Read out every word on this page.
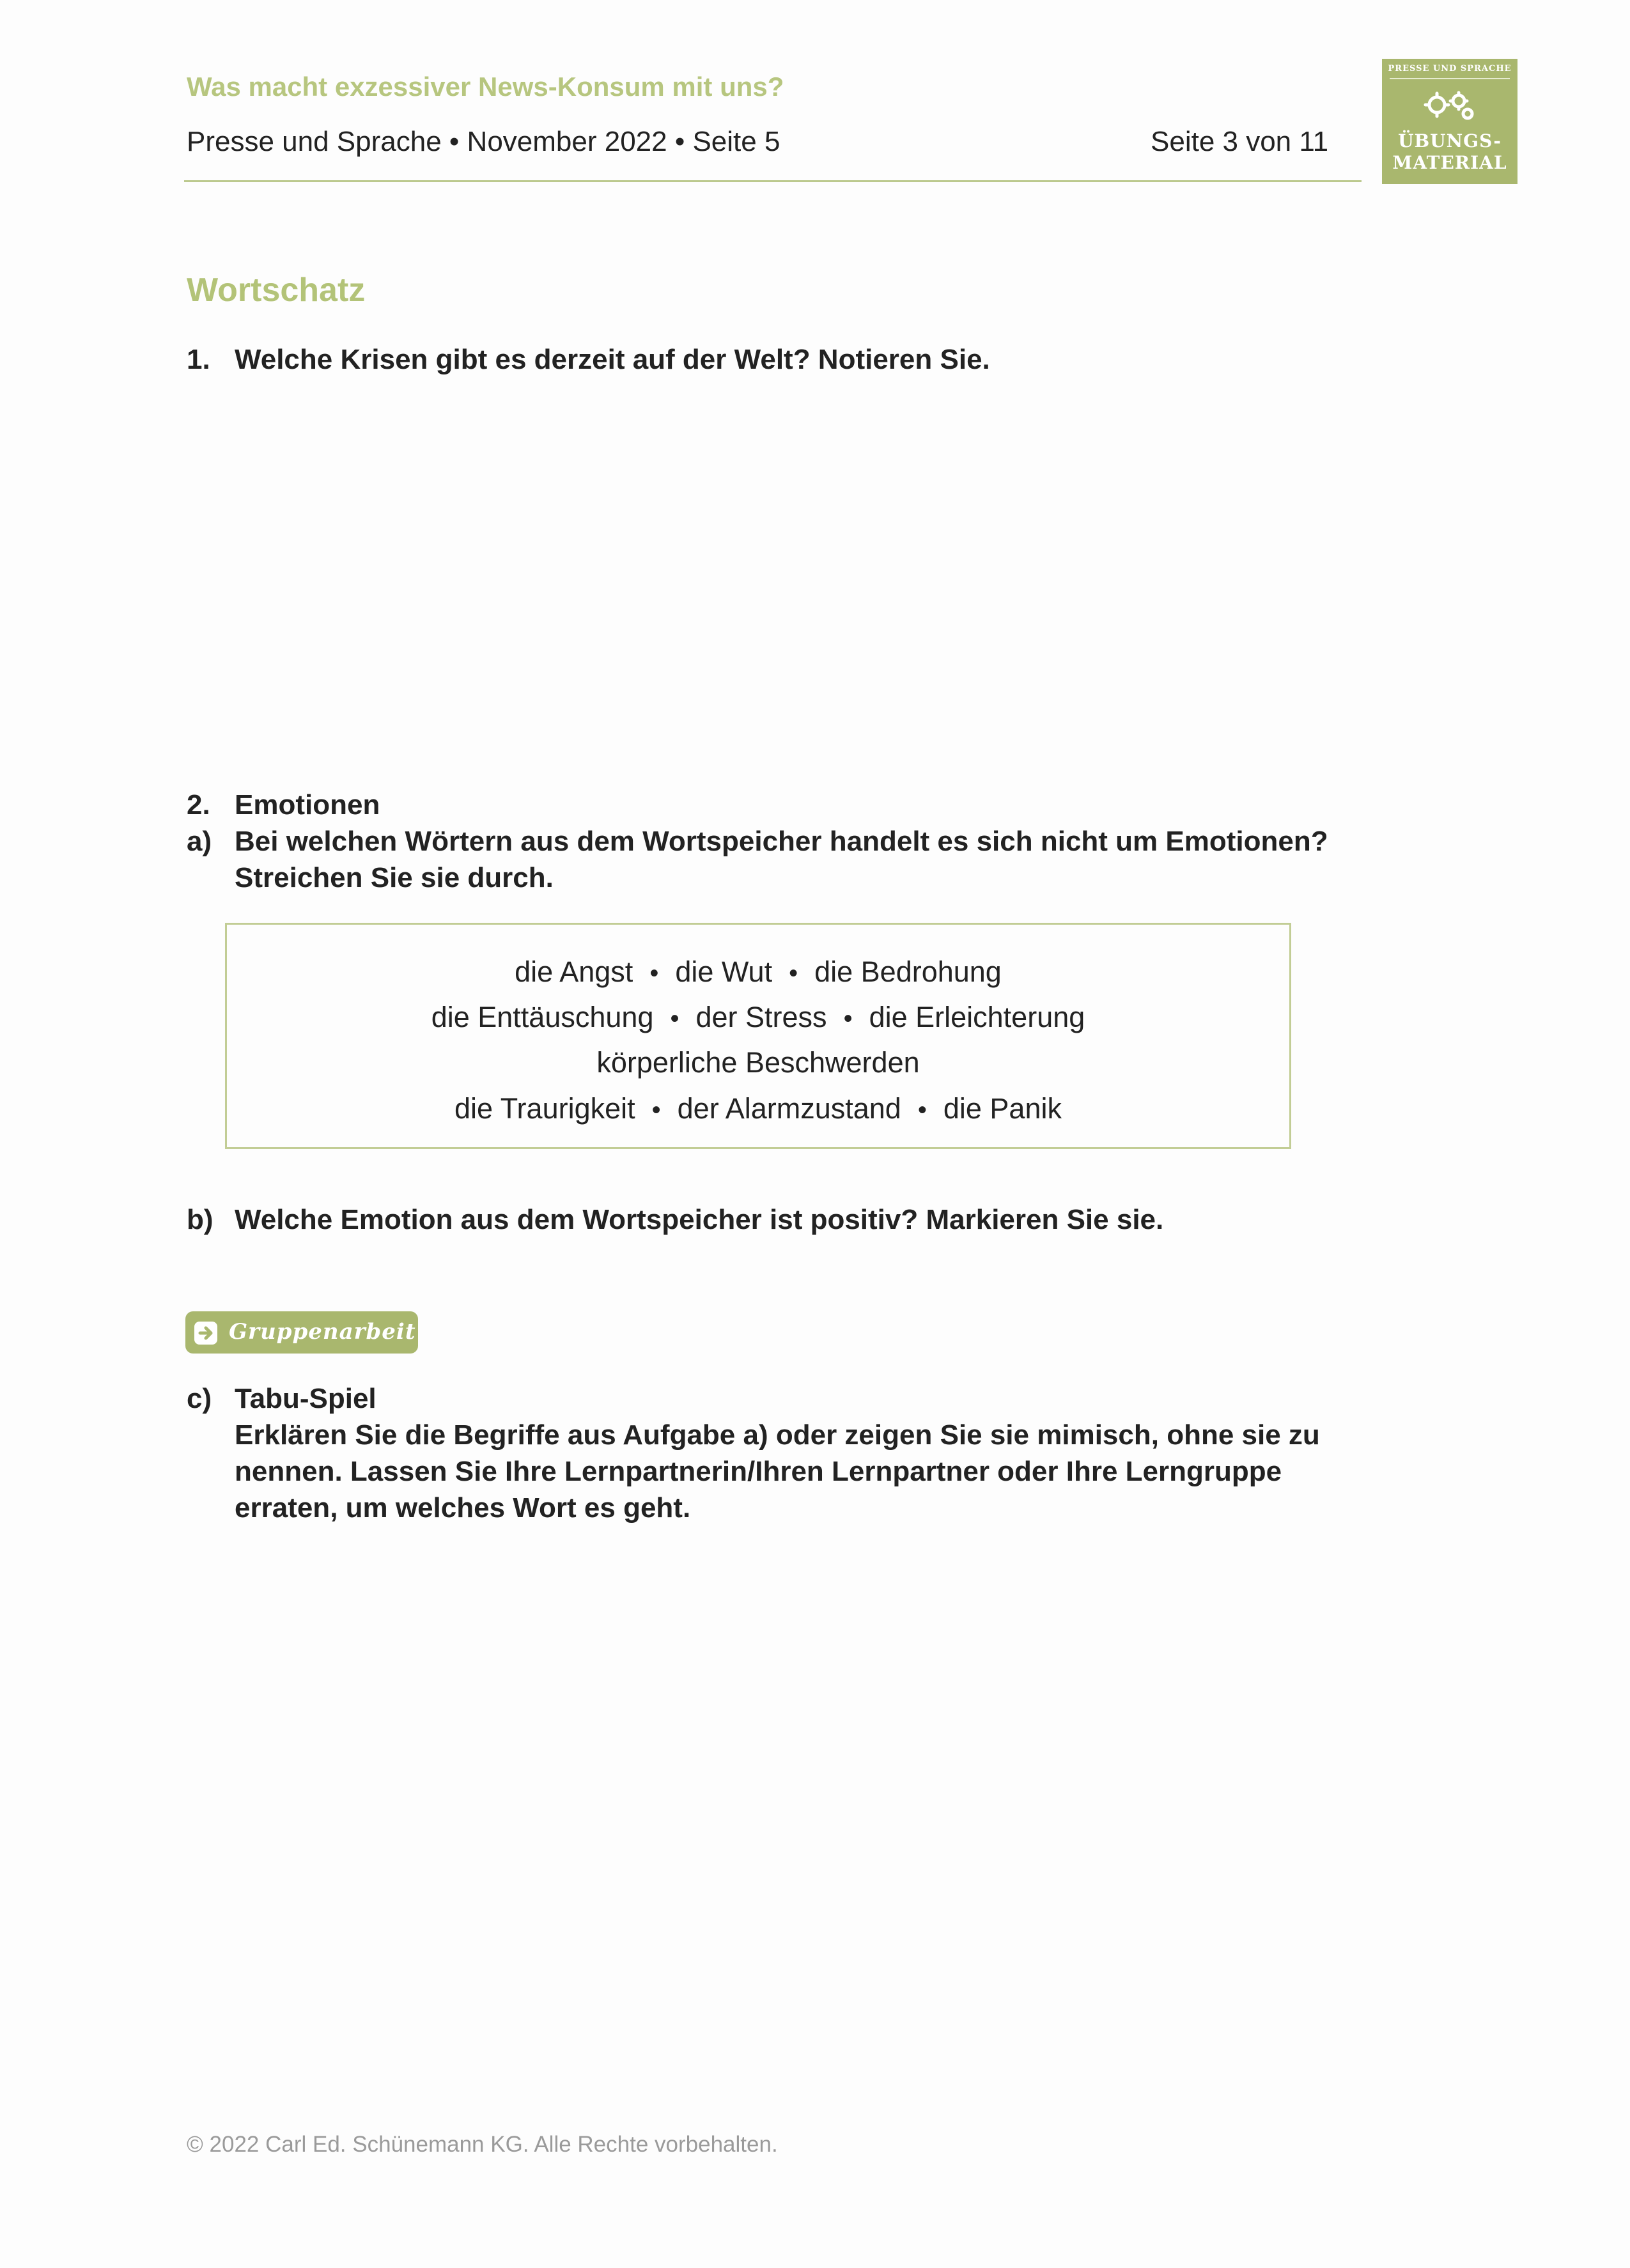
Was macht exzessiver News-Konsum mit uns?
Presse und Sprache • November 2022 • Seite 5	Seite 3 von 11
PRESSE UND SPRACHE
ÜBUNGS-
MATERIAL
Wortschatz
1. Welche Krisen gibt es derzeit auf der Welt? Notieren Sie.
2. Emotionen
a) Bei welchen Wörtern aus dem Wortspeicher handelt es sich nicht um Emotionen?
Streichen Sie sie durch.
die Angst • die Wut • die Bedrohung
die Enttäuschung • der Stress • die Erleichterung
körperliche Beschwerden
die Traurigkeit • der Alarmzustand • die Panik
b) Welche Emotion aus dem Wortspeicher ist positiv? Markieren Sie sie.
Gruppenarbeit
c) Tabu-Spiel
Erklären Sie die Begriffe aus Aufgabe a) oder zeigen Sie sie mimisch, ohne sie zu
nennen. Lassen Sie Ihre Lernpartnerin/Ihren Lernpartner oder Ihre Lerngruppe
erraten, um welches Wort es geht.
© 2022 Carl Ed. Schünemann KG. Alle Rechte vorbehalten.
